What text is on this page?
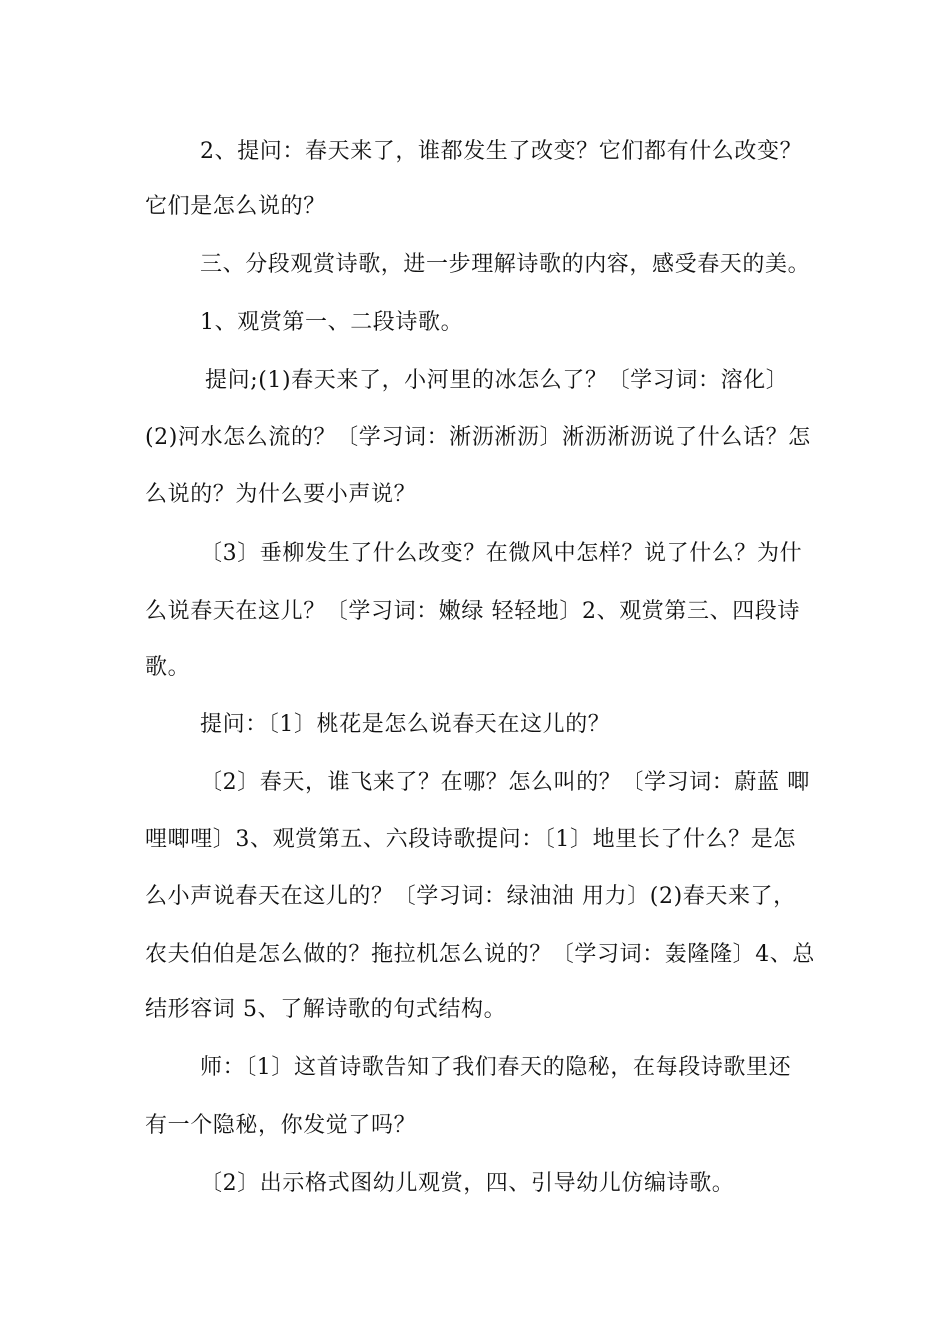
2、提问：春天来了，谁都发生了改变？它们都有什么改变？
它们是怎么说的？
三、分段观赏诗歌，进一步理解诗歌的内容，感受春天的美。
1、观赏第一、二段诗歌。
提问;(1)春天来了，小河里的冰怎么了？〔学习词：溶化〕
(2)河水怎么流的？〔学习词：淅沥淅沥〕淅沥淅沥说了什么话？怎
么说的？为什么要小声说？
〔3〕垂柳发生了什么改变？在微风中怎样？说了什么？为什
么说春天在这儿？〔学习词：嫩绿 轻轻地〕2、观赏第三、四段诗
歌。
提问：〔1〕桃花是怎么说春天在这儿的？
〔2〕春天，谁飞来了？在哪？怎么叫的？〔学习词：蔚蓝 唧
哩唧哩〕3、观赏第五、六段诗歌提问：〔1〕地里长了什么？是怎
么小声说春天在这儿的？〔学习词：绿油油 用力〕(2)春天来了，
农夫伯伯是怎么做的？拖拉机怎么说的？〔学习词：轰隆隆〕4、总
结形容词 5、了解诗歌的句式结构。
师：〔1〕这首诗歌告知了我们春天的隐秘，在每段诗歌里还
有一个隐秘，你发觉了吗？
〔2〕出示格式图幼儿观赏，四、引导幼儿仿编诗歌。
